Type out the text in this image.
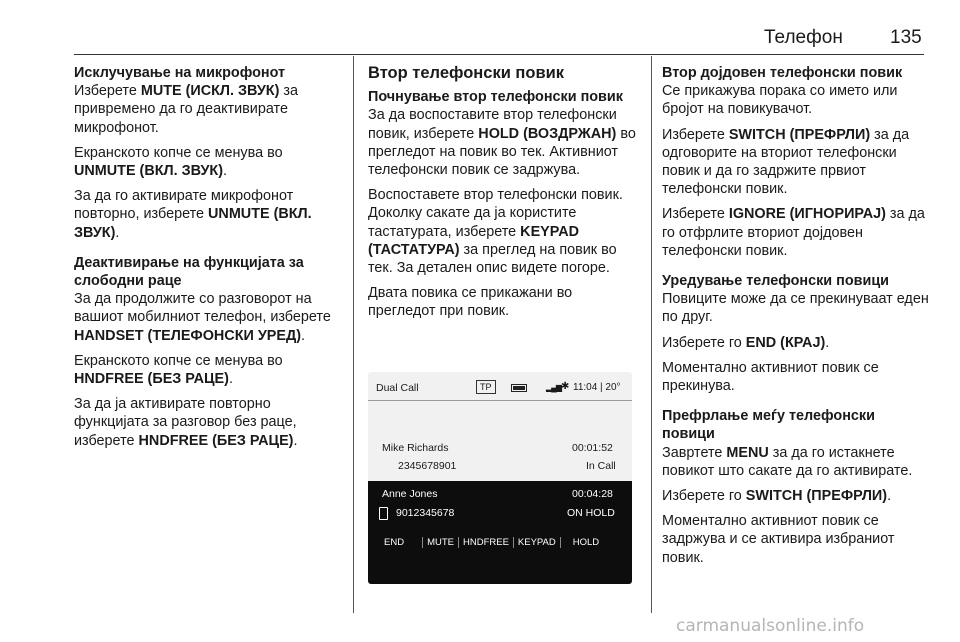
Телефон 135
Исклучување на микрофонот

Изберете MUTE (ИСКЛ. ЗВУК) за привремено да го деактивирате микрофонот.

Екранското копче се менува во UNMUTE (ВКЛ. ЗВУК).

За да го активирате микрофонот повторно, изберете UNMUTE (ВКЛ. ЗВУК).

Деактивирање на функцијата за слободни раце

За да продолжите со разговорот на вашиот мобилниот телефон, изберете HANDSET (ТЕЛЕФОНСКИ УРЕД).

Екранското копче се менува во HNDFREE (БЕЗ РАЦЕ).

За да ја активирате повторно функцијата за разговор без раце, изберете HNDFREE (БЕЗ РАЦЕ).

Втор телефонски повик
Почнување втор телефонски повик

За да воспоставите втор телефонски повик, изберете HOLD (ВОЗДРЖАН) во прегледот на повик во тек. Активниот телефонски повик се задржува.

Воспоставете втор телефонски повик. Доколку сакате да ја користите тастатурата, изберете KEYPAD (ТАСТАТУРА) за преглед на повик во тек. За детален опис видете погоре.

Двата повика се прикажани во прегледот при повик.

Dual Call	TP	▂▄▆ ✱ 11:04 | 20°
Mike Richards
2345678901
00:01:52
In Call
Anne Jones
9012345678
00:04:28
ON HOLD
END	MUTE HNDFREE KEYPAD	HOLD
Втор дојдовен телефонски повик

Се прикажува порака со името или бројот на повикувачот.

Изберете SWITCH (ПРЕФРЛИ) за да одговорите на вториот телефонски повик и да го задржите првиот телефонски повик.

Изберете IGNORE (ИГНОРИРАЈ) за да го отфрлите вториот дојдовен телефонски повик.

Уредување телефонски повици

Повиците може да се прекинуваат еден по друг.

Изберете го END (КРАЈ).

Моментално активниот повик се прекинува.

Префрлање меѓу телефонски повици

Завртете MENU за да го истакнете повикот што сакате да го активирате.

Изберете го SWITCH (ПРЕФРЛИ).

Моментално активниот повик се задржува и се активира избраниот повик.

carmanualsonline.info
